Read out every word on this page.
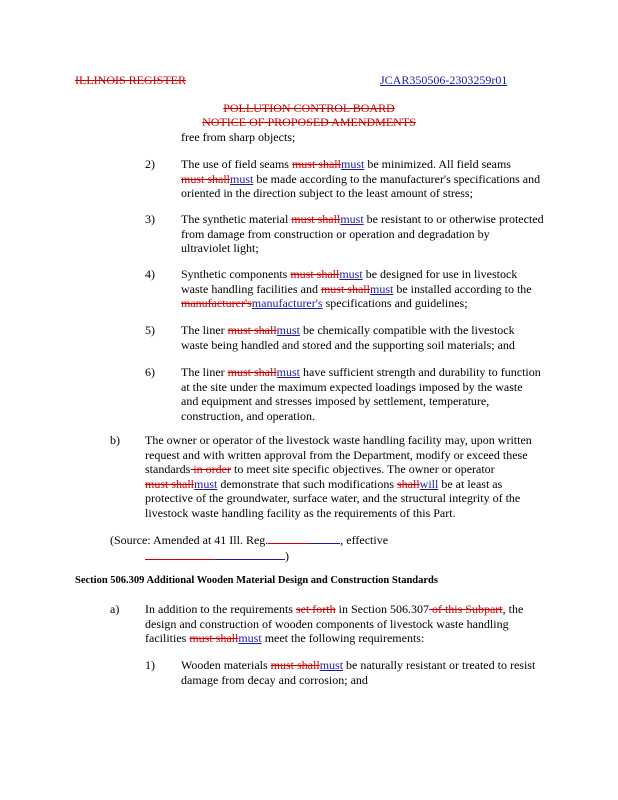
ILLINOIS REGISTER	JCAR350506-2303259r01
POLLUTION CONTROL BOARD
NOTICE OF PROPOSED AMENDMENTS
free from sharp objects;
2) The use of field seams must shallmust be minimized. All field seams
must shallmust be made according to the manufacturer's specifications and
oriented in the direction subject to the least amount of stress;
3) The synthetic material must shallmust be resistant to or otherwise protected
from damage from construction or operation and degradation by
ultraviolet light;
4) Synthetic components must shallmust be designed for use in livestock
waste handling facilities and must shallmust be installed according to the
manufacturer'smanufacturer's specifications and guidelines;
5) The liner must shallmust be chemically compatible with the livestock
waste being handled and stored and the supporting soil materials; and
6) The liner must shallmust have sufficient strength and durability to function
at the site under the maximum expected loadings imposed by the waste
and equipment and stresses imposed by settlement, temperature,
construction, and operation.
b) The owner or operator of the livestock waste handling facility may, upon written
request and with written approval from the Department, modify or exceed these
standards in order to meet site specific objectives. The owner or operator
must shallmust demonstrate that such modifications shallwill be at least as
protective of the groundwater, surface water, and the structural integrity of the
livestock waste handling facility as the requirements of this Part.
(Source: Amended at 41 Ill. Reg.	, effective
)
Section 506.309 Additional Wooden Material Design and Construction Standards
a) In addition to the requirements set forth in Section 506.307 of this Subpart, the
design and construction of wooden components of livestock waste handling
facilities must shallmust meet the following requirements:
1) Wooden materials must shallmust be naturally resistant or treated to resist
damage from decay and corrosion; and
